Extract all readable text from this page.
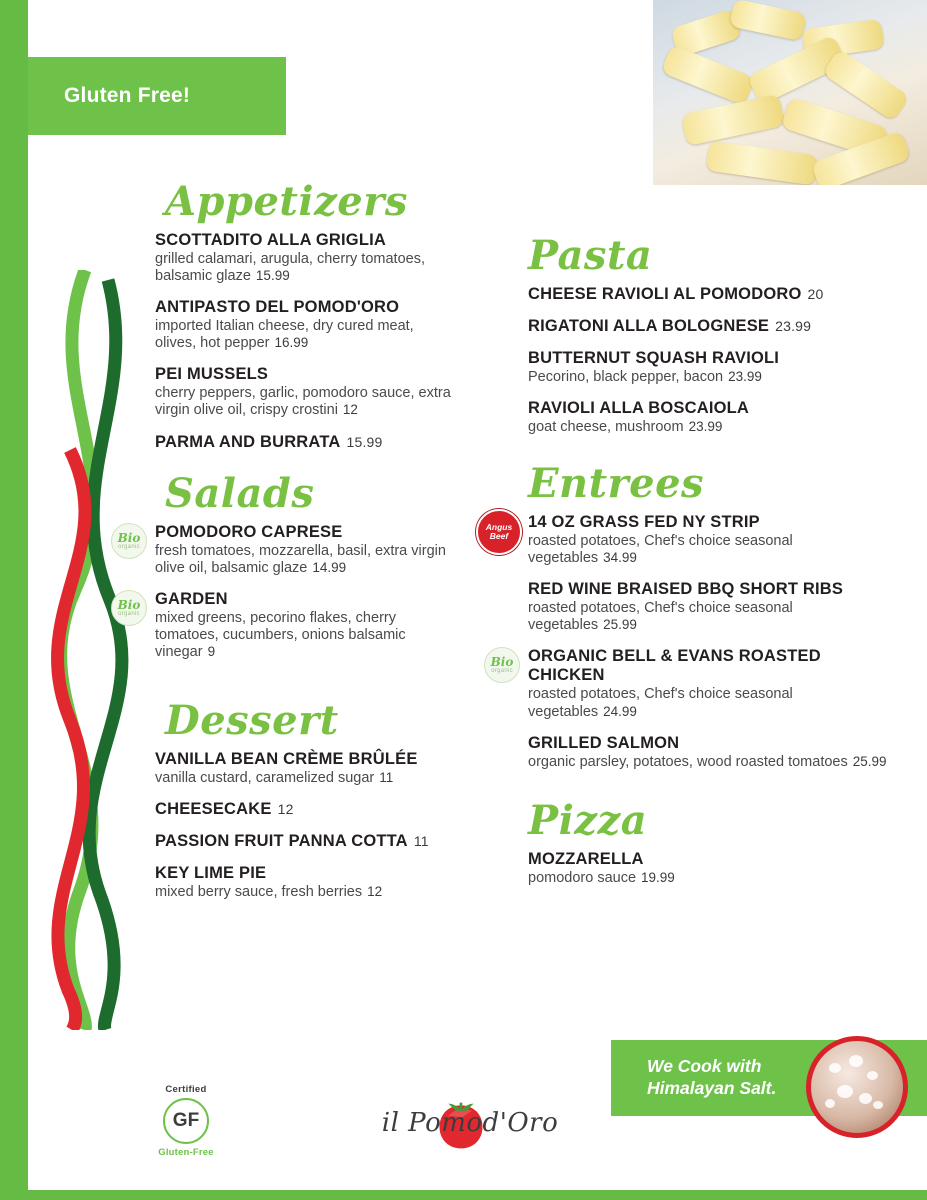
Gluten Free!
Appetizers
SCOTTADITO ALLA GRIGLIA
grilled calamari, arugula, cherry tomatoes, balsamic glaze 15.99
ANTIPASTO DEL POMOD'ORO
imported Italian cheese, dry cured meat, olives, hot pepper 16.99
PEI MUSSELS
cherry peppers, garlic, pomodoro sauce, extra virgin olive oil, crispy crostini 12
PARMA AND BURRATA 15.99
Salads
Bio
organic
POMODORO CAPRESE
fresh tomatoes, mozzarella, basil, extra virgin olive oil, balsamic glaze 14.99
Bio
organic
GARDEN
mixed greens, pecorino flakes, cherry tomatoes, cucumbers, onions balsamic vinegar 9
Dessert
VANILLA BEAN CRÈME BRÛLÉE
vanilla custard, caramelized sugar 11
CHEESECAKE 12
PASSION FRUIT PANNA COTTA 11
KEY LIME PIE
mixed berry sauce, fresh berries 12
Pasta
CHEESE RAVIOLI AL POMODORO 20
RIGATONI ALLA BOLOGNESE 23.99
BUTTERNUT SQUASH RAVIOLI
Pecorino, black pepper, bacon 23.99
RAVIOLI ALLA BOSCAIOLA
goat cheese, mushroom 23.99
Entrees
Angus
Beef
14 OZ GRASS FED NY STRIP
roasted potatoes, Chef's choice seasonal vegetables 34.99
RED WINE BRAISED BBQ SHORT RIBS
roasted potatoes, Chef's choice seasonal vegetables 25.99
Bio
organic
ORGANIC BELL & EVANS ROASTED CHICKEN
roasted potatoes, Chef's choice seasonal vegetables 24.99
GRILLED SALMON
organic parsley, potatoes, wood roasted tomatoes 25.99
Pizza
MOZZARELLA
pomodoro sauce 19.99
Certified
GF
Gluten-Free
il Pomod'Oro
We Cook with
Himalayan Salt.
